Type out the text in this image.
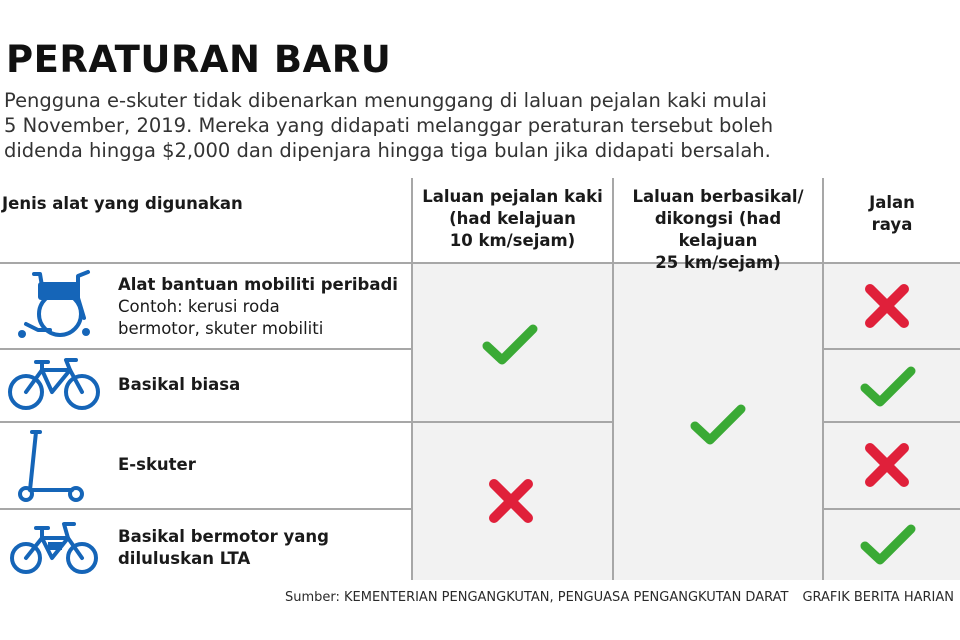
PERATURAN BARU
Pengguna e-skuter tidak dibenarkan menunggang di laluan pejalan kaki mulai
5 November, 2019. Mereka yang didapati melanggar peraturan tersebut boleh
didenda hingga $2,000 dan dipenjara hingga tiga bulan jika didapati bersalah.
Jenis alat yang digunakan	Laluan pejalan kaki
(had kelajuan
10 km/sejam)
Laluan berbasikal/
dikongsi (had kelajuan
25 km/sejam)
Jalan
raya
Alat bantuan mobiliti peribadi
Contoh: kerusi roda
bermotor, skuter mobiliti
Basikal biasa
E-skuter
Basikal bermotor yang
diluluskan LTA
Sumber: KEMENTERIAN PENGANGKUTAN, PENGUASA PENGANGKUTAN DARAT GRAFIK BERITA HARIAN
